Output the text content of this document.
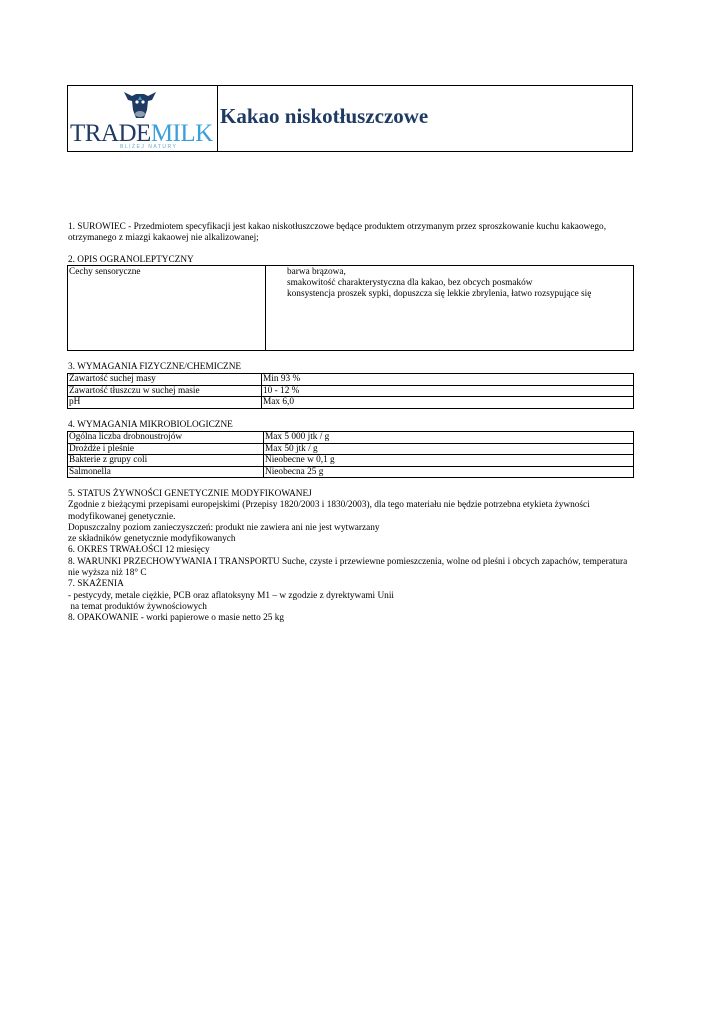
TRADEMILK
BLIŻEJ NATURY
Kakao niskotłuszczowe
1. SUROWIEC - Przedmiotem specyfikacji jest kakao niskotłuszczowe będące produktem otrzymanym przez sproszkowanie kuchu kakaowego,
otrzymanego z miazgi kakaowej nie alkalizowanej;
2. OPIS OGRANOLEPTYCZNY
Cechy sensoryczne	barwa brązowa,
smakowitość charakterystyczna dla kakao, bez obcych posmaków
konsystencja proszek sypki, dopuszcza się lekkie zbrylenia, łatwo rozsypujące się
3. WYMAGANIA FIZYCZNE/CHEMICZNE
Zawartość suchej masy	Min 93 %
Zawartość tłuszczu w suchej masie	10 - 12 %
pH	Max 6,0
4. WYMAGANIA MIKROBIOLOGICZNE
Ogólna liczba drobnoustrojów	Max 5 000 jtk / g
Drożdże i pleśnie	Max 50 jtk / g
Bakterie z grupy coli	Nieobecne w 0,1 g
Salmonella	Nieobecna 25 g
5. STATUS ŻYWNOŚCI GENETYCZNIE MODYFIKOWANEJ
Zgodnie z bieżącymi przepisami europejskimi (Przepisy 1820/2003 i 1830/2003), dla tego materiału nie będzie potrzebna etykieta żywności
modyfikowanej genetycznie.
Dopuszczalny poziom zanieczyszczeń: produkt nie zawiera ani nie jest wytwarzany
ze składników genetycznie modyfikowanych
6. OKRES TRWAŁOŚCI 12 miesięcy
8. WARUNKI PRZECHOWYWANIA I TRANSPORTU Suche, czyste i przewiewne pomieszczenia, wolne od pleśni i obcych zapachów, temperatura
nie wyższa niż 18° C
7. SKAŻENIA
- pestycydy, metale ciężkie, PCB oraz aflatoksyny M1 – w zgodzie z dyrektywami Unii
na temat produktów żywnościowych
8. OPAKOWANIE - worki papierowe o masie netto 25 kg
